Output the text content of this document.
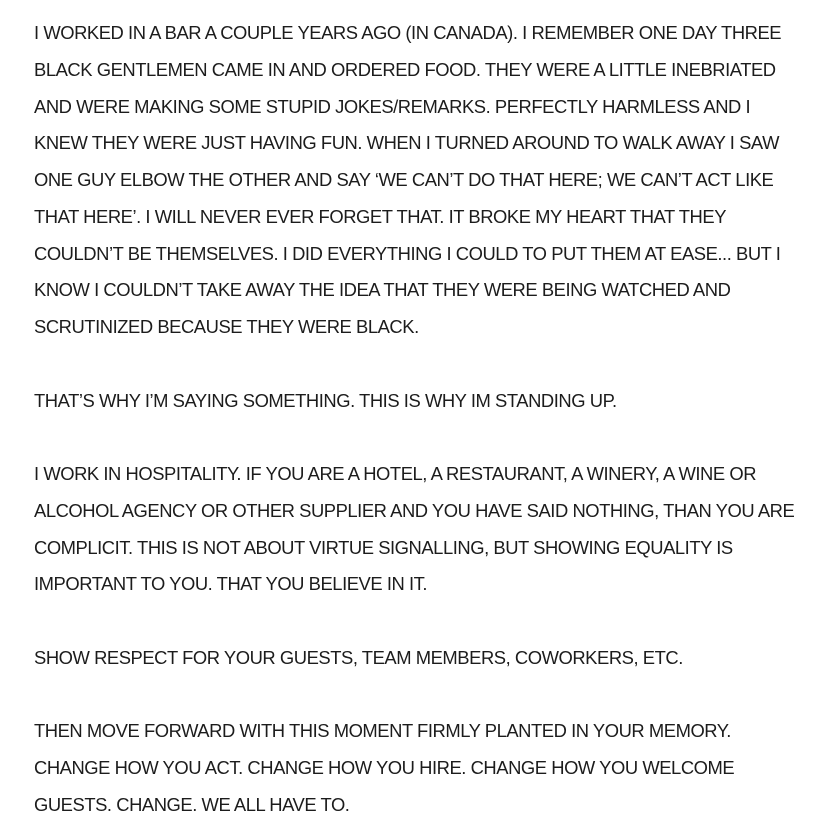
I WORKED IN A BAR A COUPLE YEARS AGO (IN CANADA). I REMEMBER ONE DAY THREE
BLACK GENTLEMEN CAME IN AND ORDERED FOOD. THEY WERE A LITTLE INEBRIATED
AND WERE MAKING SOME STUPID JOKES/REMARKS. PERFECTLY HARMLESS AND I
KNEW THEY WERE JUST HAVING FUN. WHEN I TURNED AROUND TO WALK AWAY I SAW
ONE GUY ELBOW THE OTHER AND SAY ‘WE CAN’T DO THAT HERE; WE CAN’T ACT LIKE
THAT HERE’. I WILL NEVER EVER FORGET THAT. IT BROKE MY HEART THAT THEY
COULDN’T BE THEMSELVES. I DID EVERYTHING I COULD TO PUT THEM AT EASE... BUT I
KNOW I COULDN’T TAKE AWAY THE IDEA THAT THEY WERE BEING WATCHED AND
SCRUTINIZED BECAUSE THEY WERE BLACK.
THAT’S WHY I’M SAYING SOMETHING. THIS IS WHY IM STANDING UP.
I WORK IN HOSPITALITY. IF YOU ARE A HOTEL, A RESTAURANT, A WINERY, A WINE OR
ALCOHOL AGENCY OR OTHER SUPPLIER AND YOU HAVE SAID NOTHING, THAN YOU ARE
COMPLICIT. THIS IS NOT ABOUT VIRTUE SIGNALLING, BUT SHOWING EQUALITY IS
IMPORTANT TO YOU. THAT YOU BELIEVE IN IT.
SHOW RESPECT FOR YOUR GUESTS, TEAM MEMBERS, COWORKERS, ETC.
THEN MOVE FORWARD WITH THIS MOMENT FIRMLY PLANTED IN YOUR MEMORY.
CHANGE HOW YOU ACT. CHANGE HOW YOU HIRE. CHANGE HOW YOU WELCOME
GUESTS. CHANGE. WE ALL HAVE TO.
